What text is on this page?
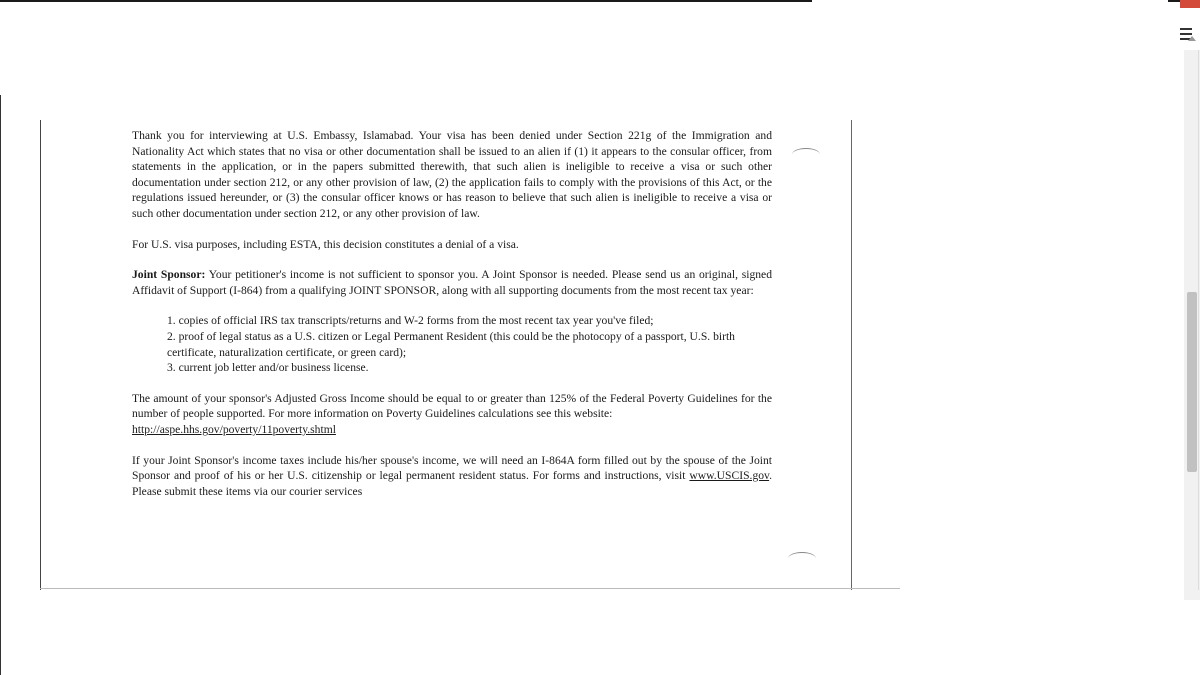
Thank you for interviewing at U.S. Embassy, Islamabad. Your visa has been denied under Section 221g of the Immigration and Nationality Act which states that no visa or other documentation shall be issued to an alien if (1) it appears to the consular officer, from statements in the application, or in the papers submitted therewith, that such alien is ineligible to receive a visa or such other documentation under section 212, or any other provision of law, (2) the application fails to comply with the provisions of this Act, or the regulations issued hereunder, or (3) the consular officer knows or has reason to believe that such alien is ineligible to receive a visa or such other documentation under section 212, or any other provision of law.

For U.S. visa purposes, including ESTA, this decision constitutes a denial of a visa.

Joint Sponsor: Your petitioner's income is not sufficient to sponsor you. A Joint Sponsor is needed. Please send us an original, signed Affidavit of Support (I-864) from a qualifying JOINT SPONSOR, along with all supporting documents from the most recent tax year:

1. copies of official IRS tax transcripts/returns and W-2 forms from the most recent tax year you've filed;
2. proof of legal status as a U.S. citizen or Legal Permanent Resident (this could be the photocopy of a passport, U.S. birth certificate, naturalization certificate, or green card);
3. current job letter and/or business license.

The amount of your sponsor's Adjusted Gross Income should be equal to or greater than 125% of the Federal Poverty Guidelines for the number of people supported. For more information on Poverty Guidelines calculations see this website:
http://aspe.hhs.gov/poverty/11poverty.shtml

If your Joint Sponsor's income taxes include his/her spouse's income, we will need an I-864A form filled out by the spouse of the Joint Sponsor and proof of his or her U.S. citizenship or legal permanent resident status. For forms and instructions, visit www.USCIS.gov. Please submit these items via our courier services
